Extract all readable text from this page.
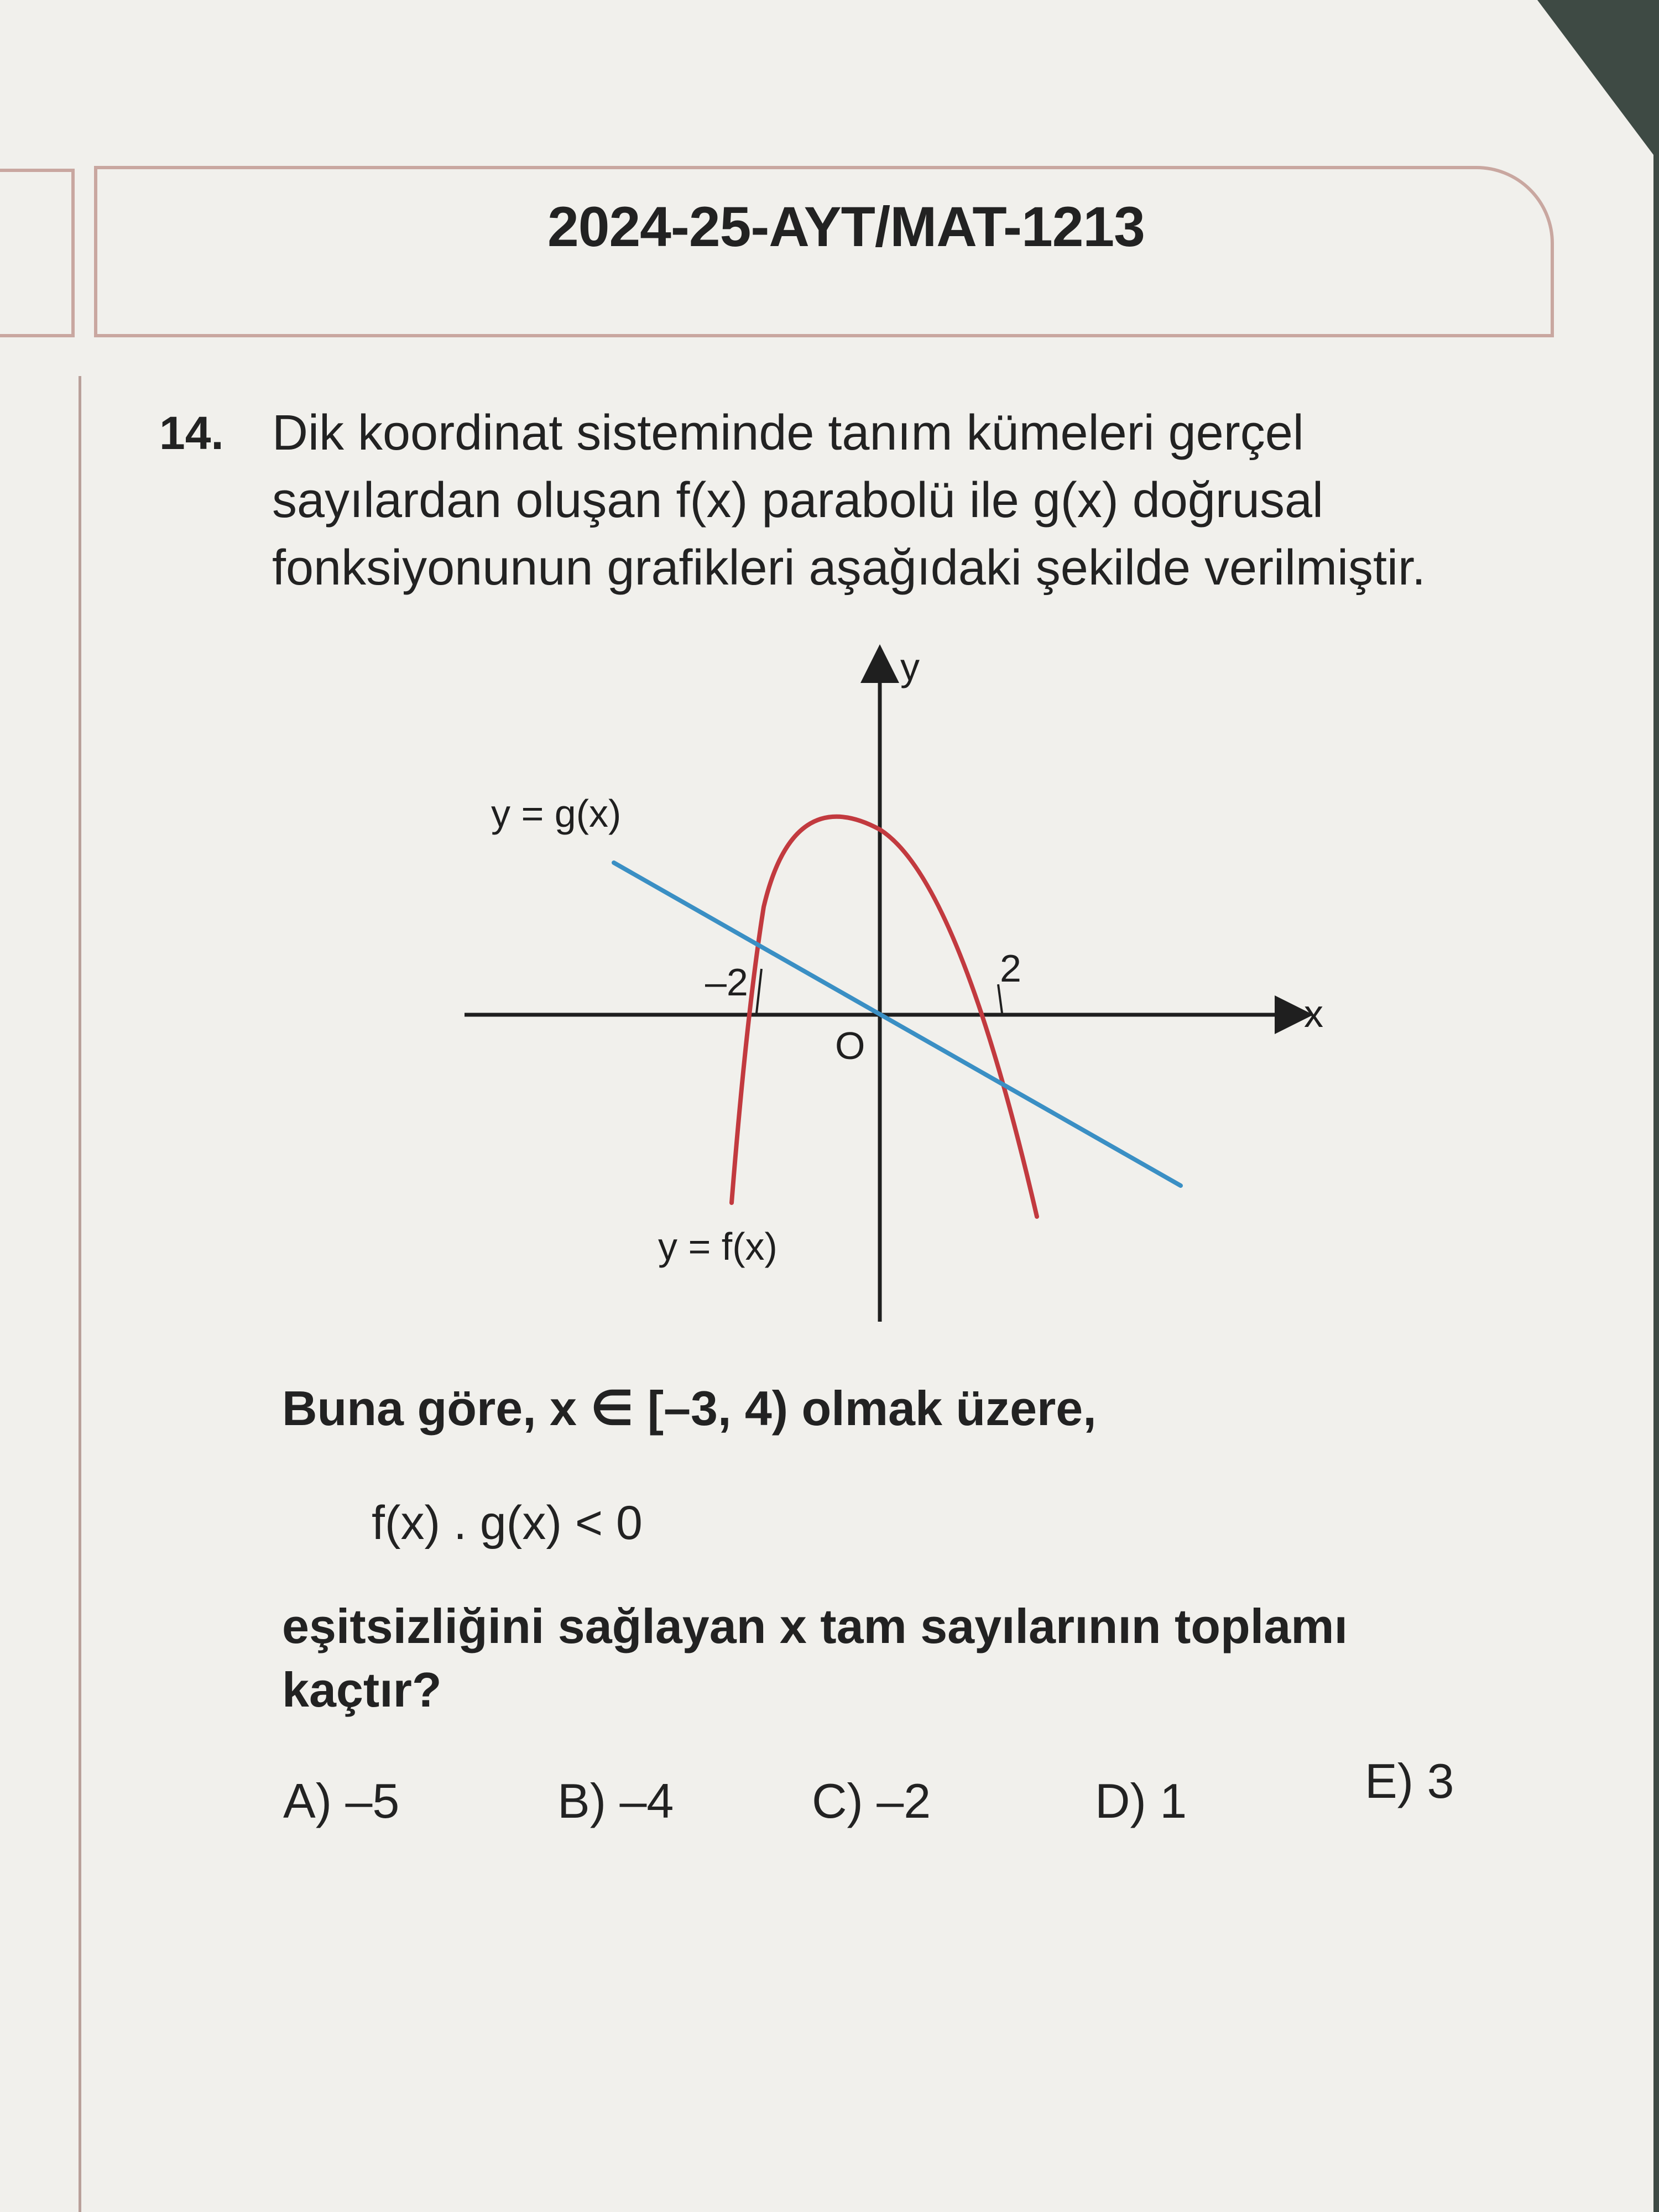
2024-25-AYT/MAT-1213
14. Dik koordinat sisteminde tanım kümeleri gerçel
sayılardan oluşan f(x) parabolü ile g(x) doğrusal
fonksiyonunun grafikleri aşağıdaki şekilde verilmiştir.
–2	2
O
x
y
y = g(x)
y = f(x)
Buna göre, x ∈ [–3, 4) olmak üzere,
f(x) . g(x) < 0
eşitsizliğini sağlayan x tam sayılarının toplamı
kaçtır?
A) –5	B) –4	C) –2	D) 1	E) 3
